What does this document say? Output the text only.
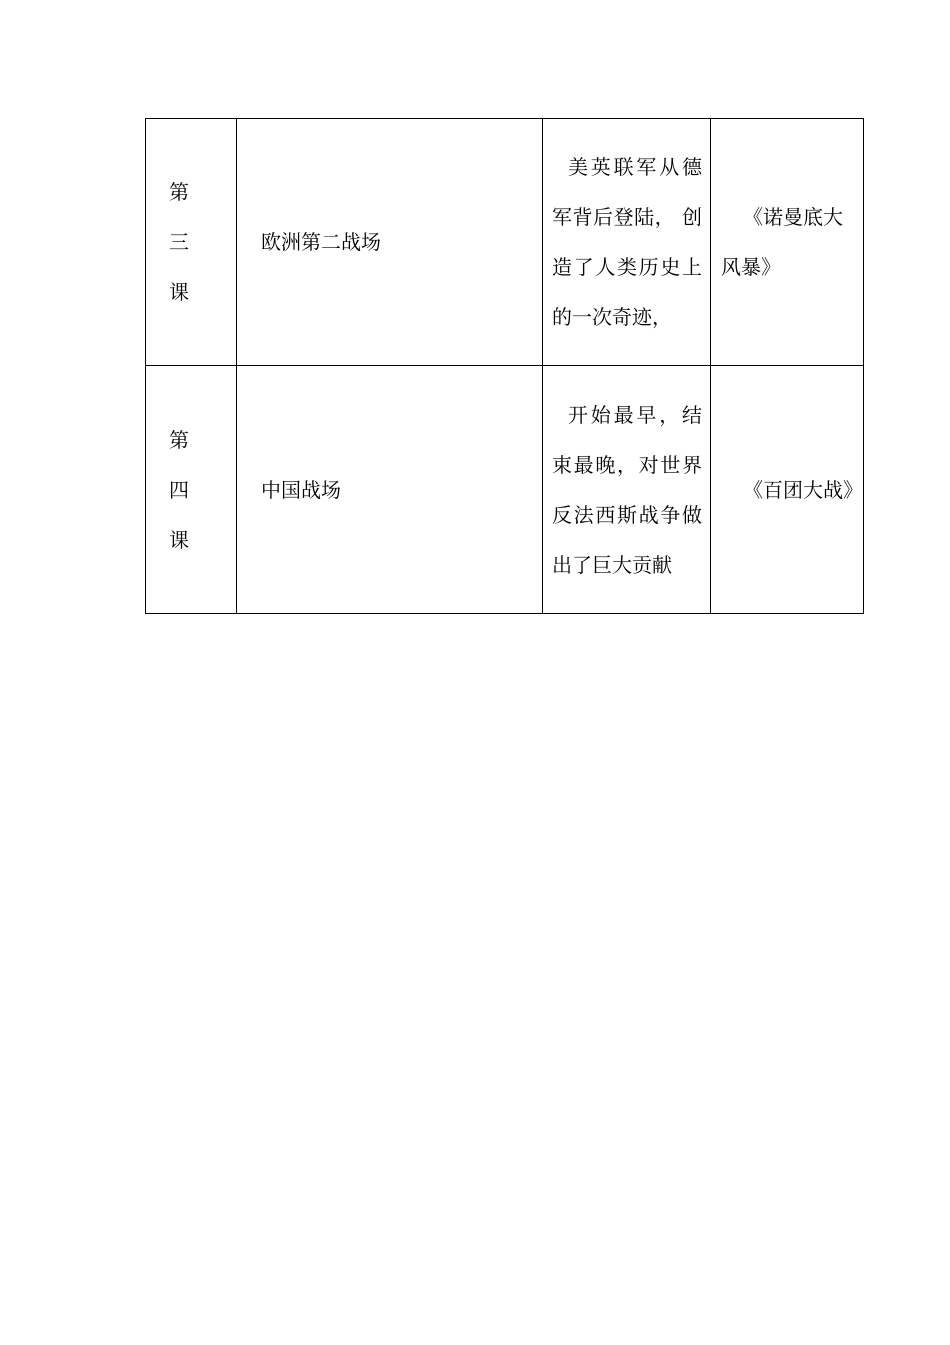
第
三
课	欧洲第二战场	美英联军从德军背后登陆， 创造了人类历史上的一次奇迹，	《诺曼底大风暴》

第
四
课	中国战场	开始最早，结束最晚，对世界反法西斯战争做出了巨大贡献	《百团大战》
